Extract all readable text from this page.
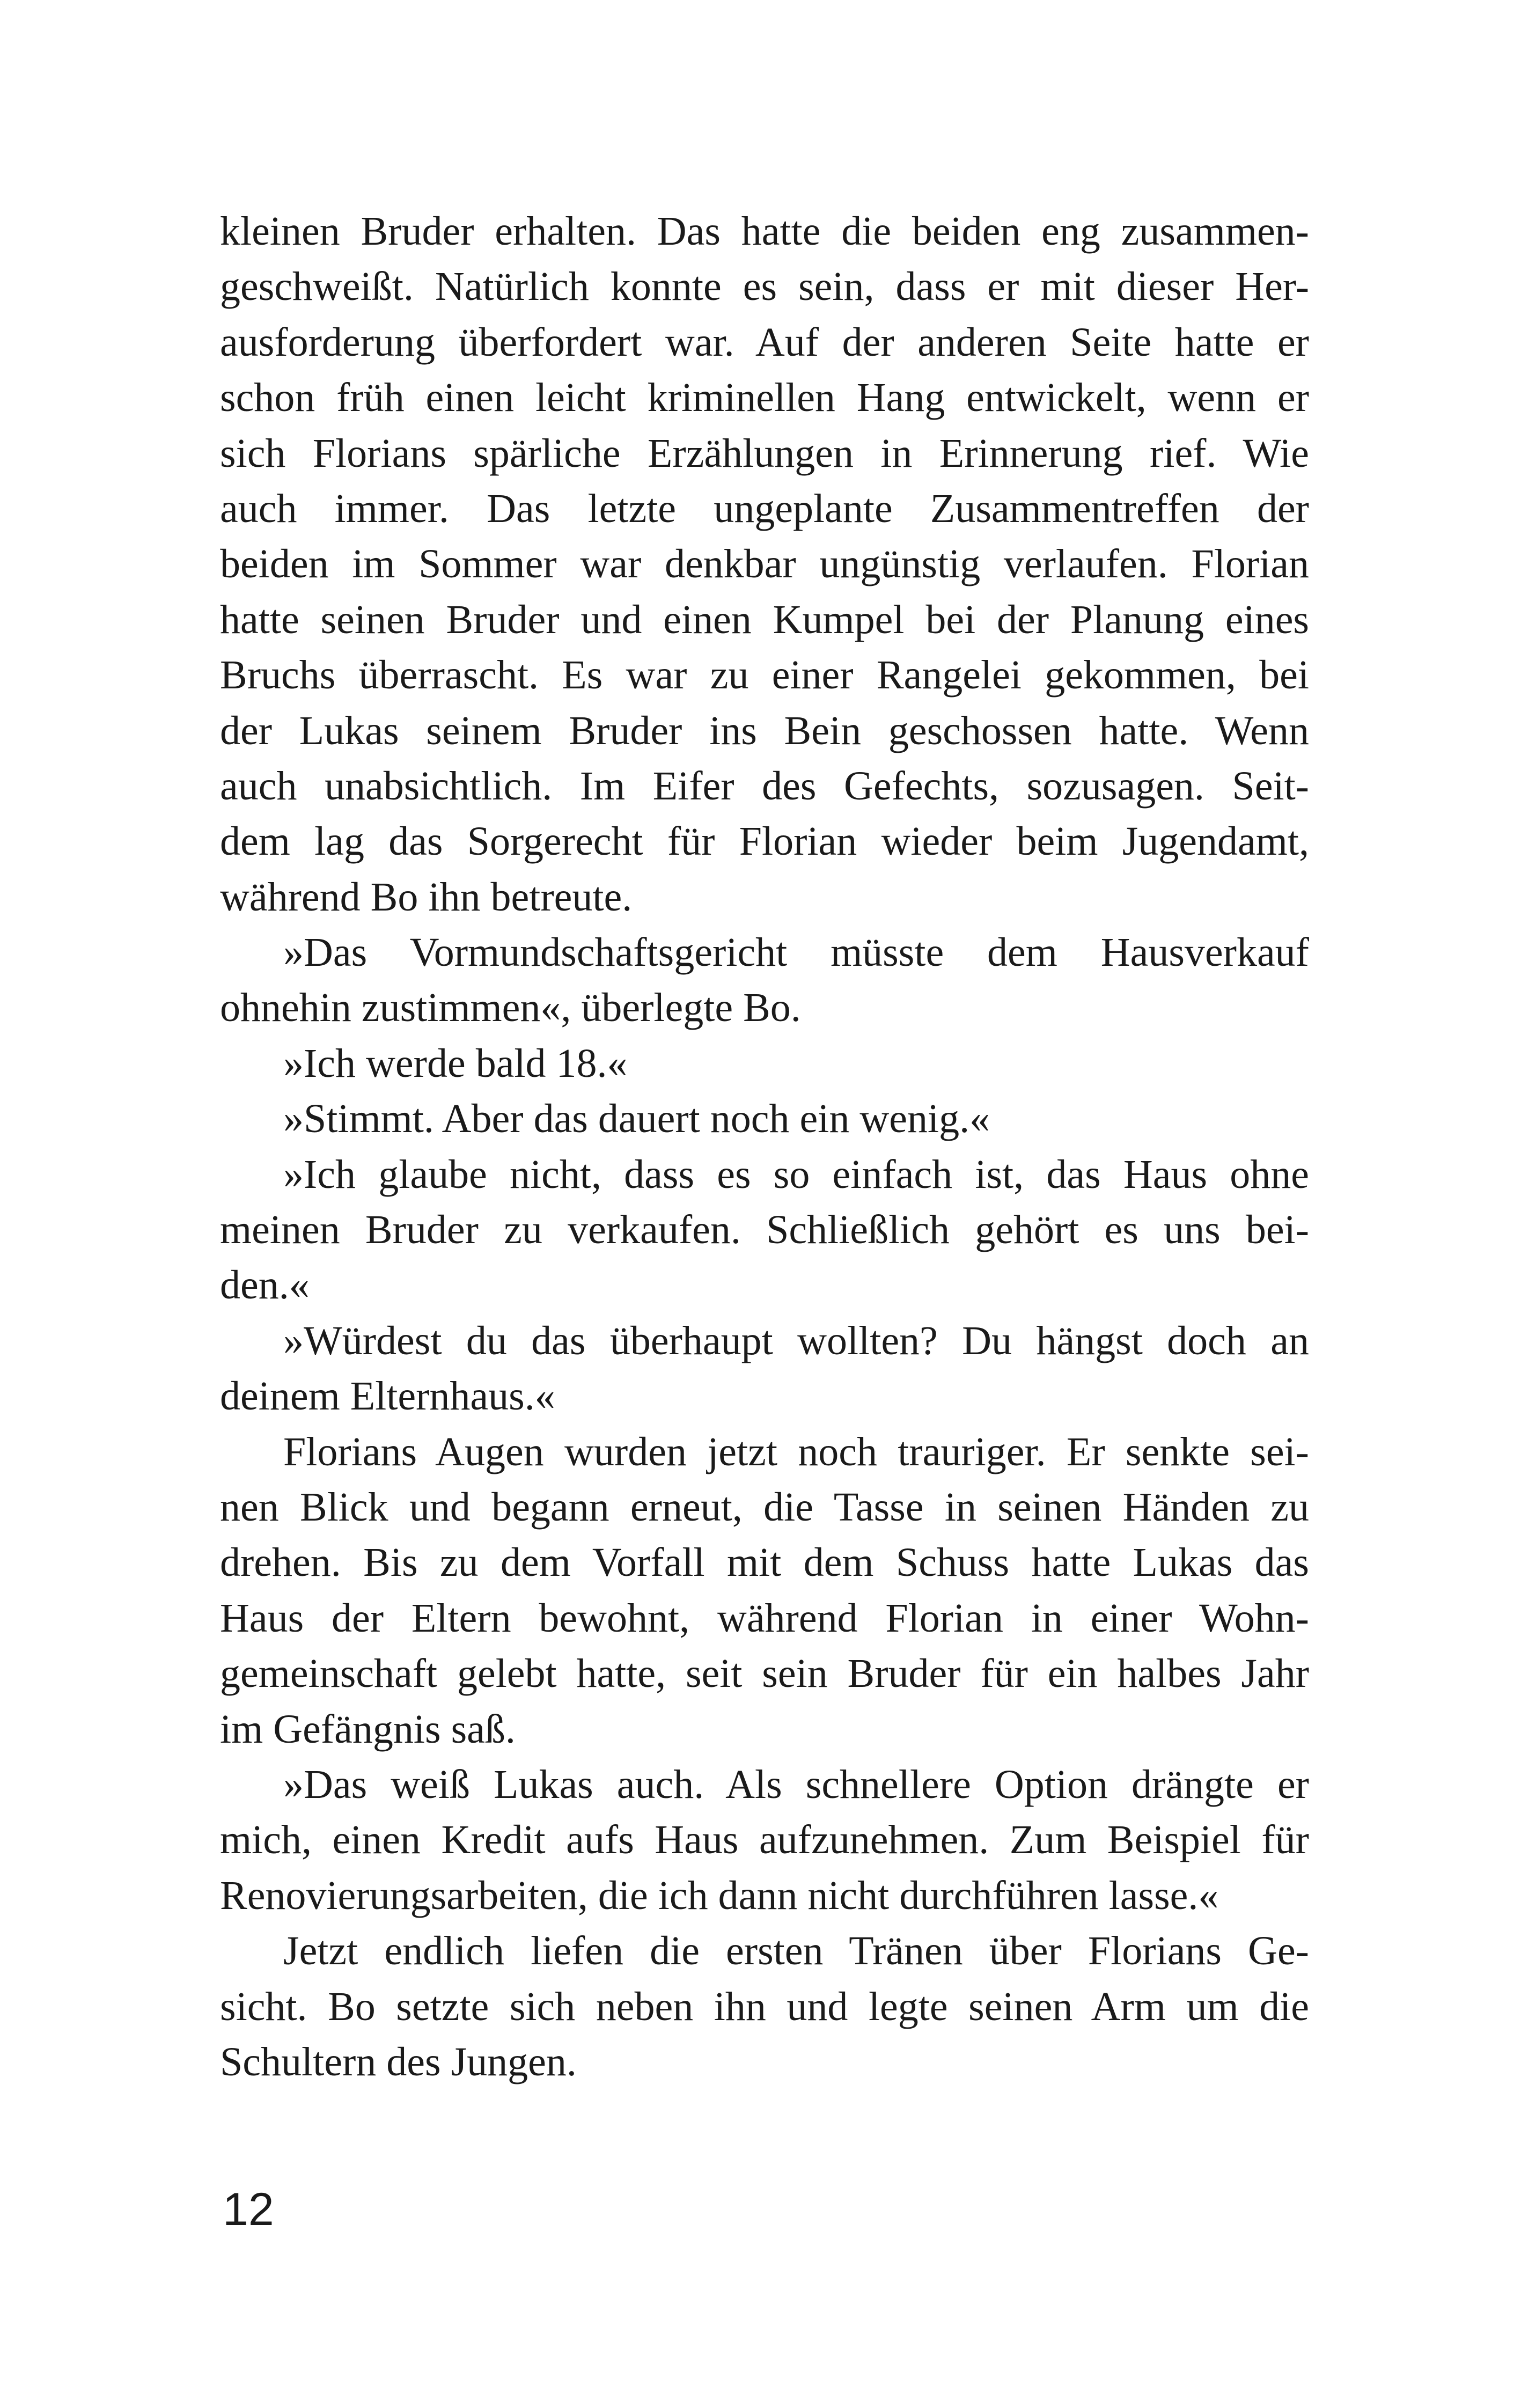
kleinen Bruder erhalten. Das hatte die beiden eng zusammen-
geschweißt. Natürlich konnte es sein, dass er mit dieser Her-
ausforderung überfordert war. Auf der anderen Seite hatte er
schon früh einen leicht kriminellen Hang entwickelt, wenn er
sich Florians spärliche Erzählungen in Erinnerung rief. Wie
auch immer. Das letzte ungeplante Zusammentreffen der
beiden im Sommer war denkbar ungünstig verlaufen. Florian
hatte seinen Bruder und einen Kumpel bei der Planung eines
Bruchs überrascht. Es war zu einer Rangelei gekommen, bei
der Lukas seinem Bruder ins Bein geschossen hatte. Wenn
auch unabsichtlich. Im Eifer des Gefechts, sozusagen. Seit-
dem lag das Sorgerecht für Florian wieder beim Jugendamt,
während Bo ihn betreute.
»Das Vormundschaftsgericht müsste dem Hausverkauf
ohnehin zustimmen«, überlegte Bo.
»Ich werde bald 18.«
»Stimmt. Aber das dauert noch ein wenig.«
»Ich glaube nicht, dass es so einfach ist, das Haus ohne
meinen Bruder zu verkaufen. Schließlich gehört es uns bei-
den.«
»Würdest du das überhaupt wollten? Du hängst doch an
deinem Elternhaus.«
Florians Augen wurden jetzt noch trauriger. Er senkte sei-
nen Blick und begann erneut, die Tasse in seinen Händen zu
drehen. Bis zu dem Vorfall mit dem Schuss hatte Lukas das
Haus der Eltern bewohnt, während Florian in einer Wohn-
gemeinschaft gelebt hatte, seit sein Bruder für ein halbes Jahr
im Gefängnis saß.
»Das weiß Lukas auch. Als schnellere Option drängte er
mich, einen Kredit aufs Haus aufzunehmen. Zum Beispiel für
Renovierungsarbeiten, die ich dann nicht durchführen lasse.«
Jetzt endlich liefen die ersten Tränen über Florians Ge-
sicht. Bo setzte sich neben ihn und legte seinen Arm um die
Schultern des Jungen.

12
